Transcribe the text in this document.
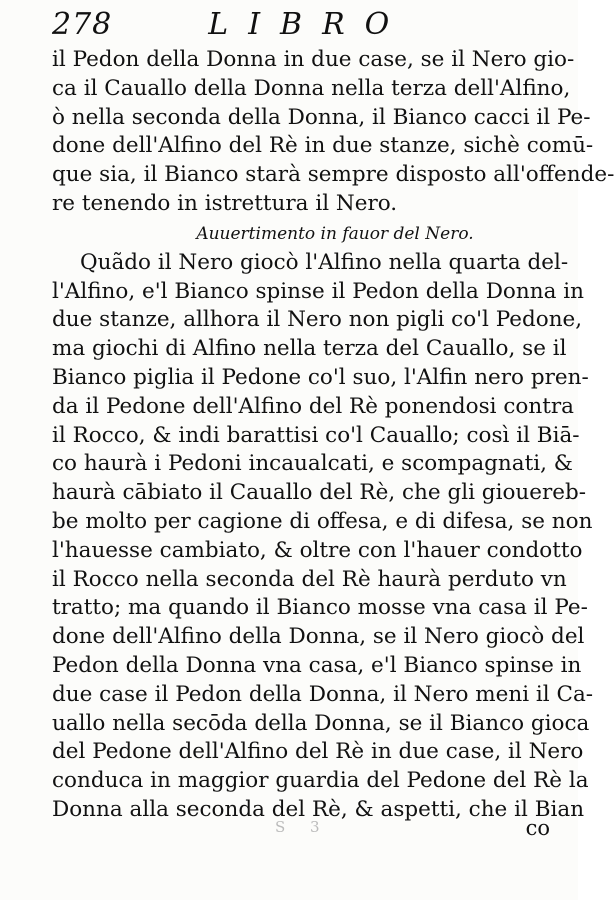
278	LIBRO
il Pedon della Donna in due case, se il Nero gio-
ca il Cauallo della Donna nella terza dell'Alfino,
ò nella seconda della Donna, il Bianco cacci il Pe-
done dell'Alfino del Rè in due stanze, sichè comū-
que sia, il Bianco starà sempre disposto all'offende-
re tenendo in istrettura il Nero.
Auuertimento in fauor del Nero.
Quãdo il Nero giocò l'Alfino nella quarta del-
l'Alfino, e'l Bianco spinse il Pedon della Donna in
due stanze, allhora il Nero non pigli co'l Pedone,
ma giochi di Alfino nella terza del Cauallo, se il
Bianco piglia il Pedone co'l suo, l'Alfin nero pren-
da il Pedone dell'Alfino del Rè ponendosi contra
il Rocco, & indi barattisi co'l Cauallo; così il Biā-
co haurà i Pedoni incaualcati, e scompagnati, &
haurà cābiato il Cauallo del Rè, che gli giouereb-
be molto per cagione di offesa, e di difesa, se non
l'hauesse cambiato, & oltre con l'hauer condotto
il Rocco nella seconda del Rè haurà perduto vn
tratto; ma quando il Bianco mosse vna casa il Pe-
done dell'Alfino della Donna, se il Nero giocò del
Pedon della Donna vna casa, e'l Bianco spinse in
due case il Pedon della Donna, il Nero meni il Ca-
uallo nella secōda della Donna, se il Bianco gioca
del Pedone dell'Alfino del Rè in due case, il Nero
conduca in maggior guardia del Pedone del Rè la
Donna alla seconda del Rè, & aspetti, che il Bian
S 3	co
